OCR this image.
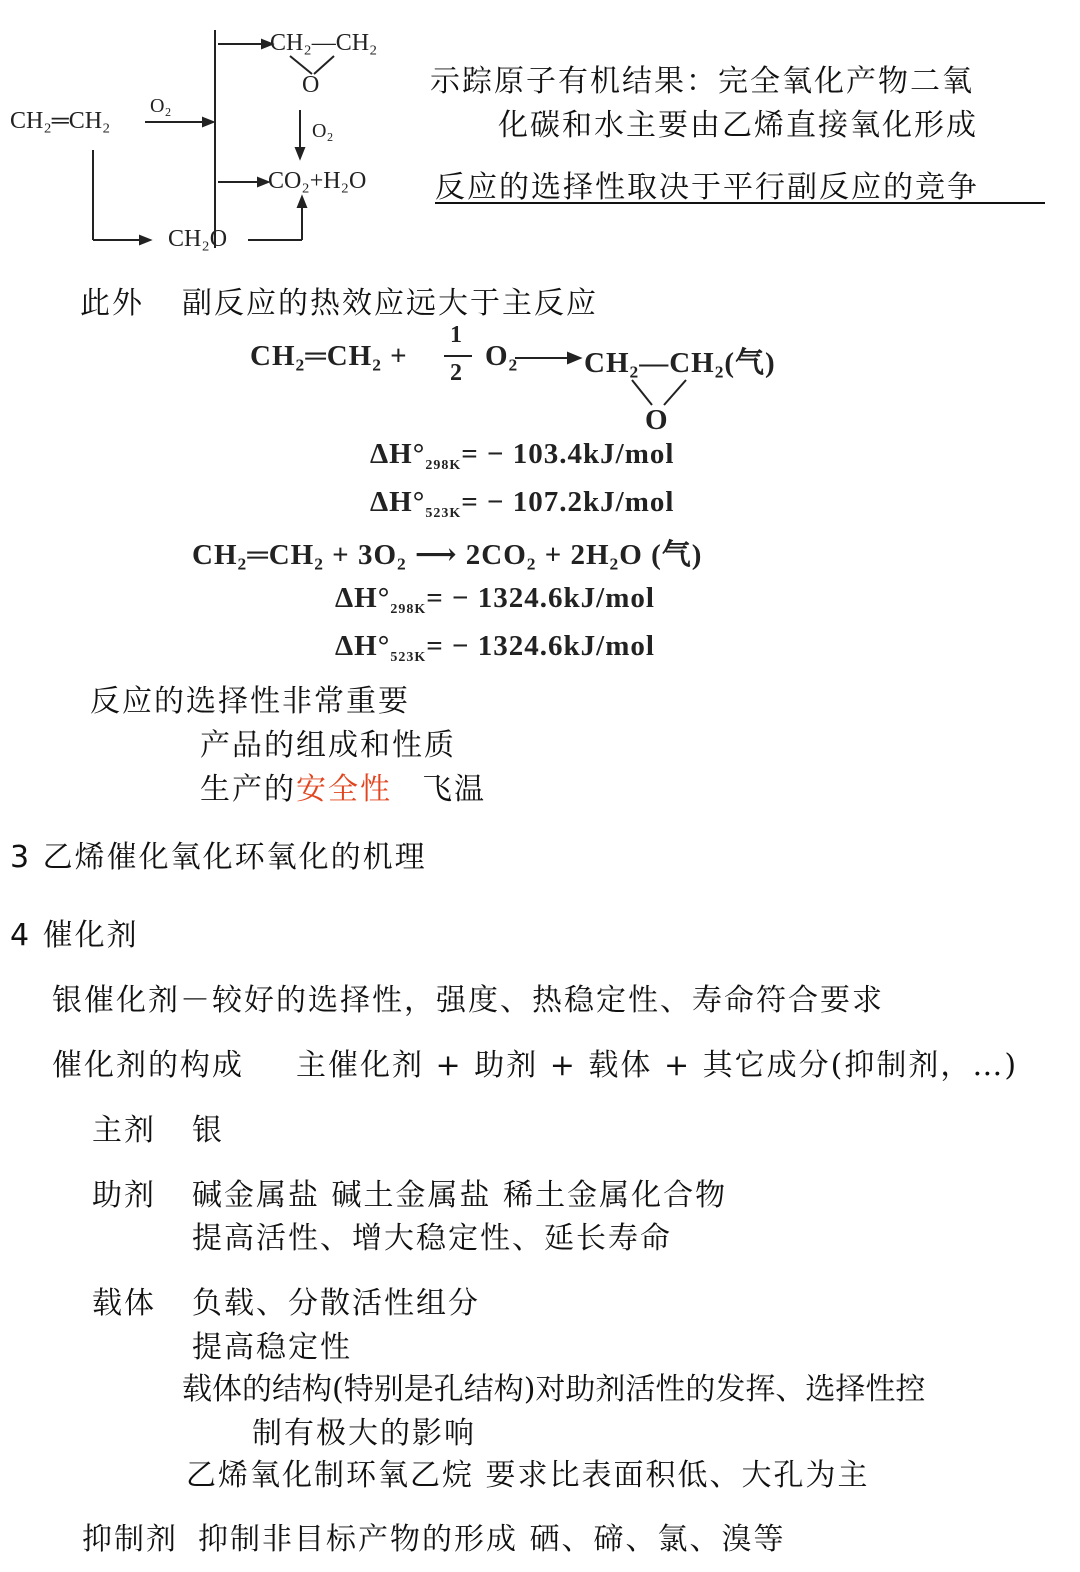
CH₂═CH₂
O₂
CH₂—CH₂
O
O₂
CO₂+H₂O
CH₂O
示踪原子有机结果：完全氧化产物二氧
化碳和水主要由乙烯直接氧化形成
反应的选择性取决于平行副反应的竞争
此外 副反应的热效应远大于主反应
CH₂═CH₂ +
1
2
O₂ CH₂—CH₂(气)
O
$\Delta H^\circ_{298K}= - 103.4kJ/mol$
$\Delta H^\circ_{523K}= - 107.2kJ/mol$
CH₂═CH₂ + 3O₂ ⟶ 2CO₂ + 2H₂O (气)
$\Delta H^\circ_{298K}= - 1324.6kJ/mol$
$\Delta H^\circ_{523K}= - 1324.6kJ/mol$
反应的选择性非常重要
产品的组成和性质
生产的安全性 飞温
3 乙烯催化氧化环氧化的机理
4 催化剂
银催化剂－较好的选择性，强度、热稳定性、寿命符合要求
催化剂的构成 主催化剂 + 助剂 + 载体 + 其它成分(抑制剂，…)
主剂 银
助剂 碱金属盐 碱土金属盐 稀土金属化合物
提高活性、增大稳定性、延长寿命
载体 负载、分散活性组分
提高稳定性
载体的结构(特别是孔结构)对助剂活性的发挥、选择性控
制有极大的影响
乙烯氧化制环氧乙烷 要求比表面积低、大孔为主
抑制剂 抑制非目标产物的形成 硒、碲、氯、溴等
